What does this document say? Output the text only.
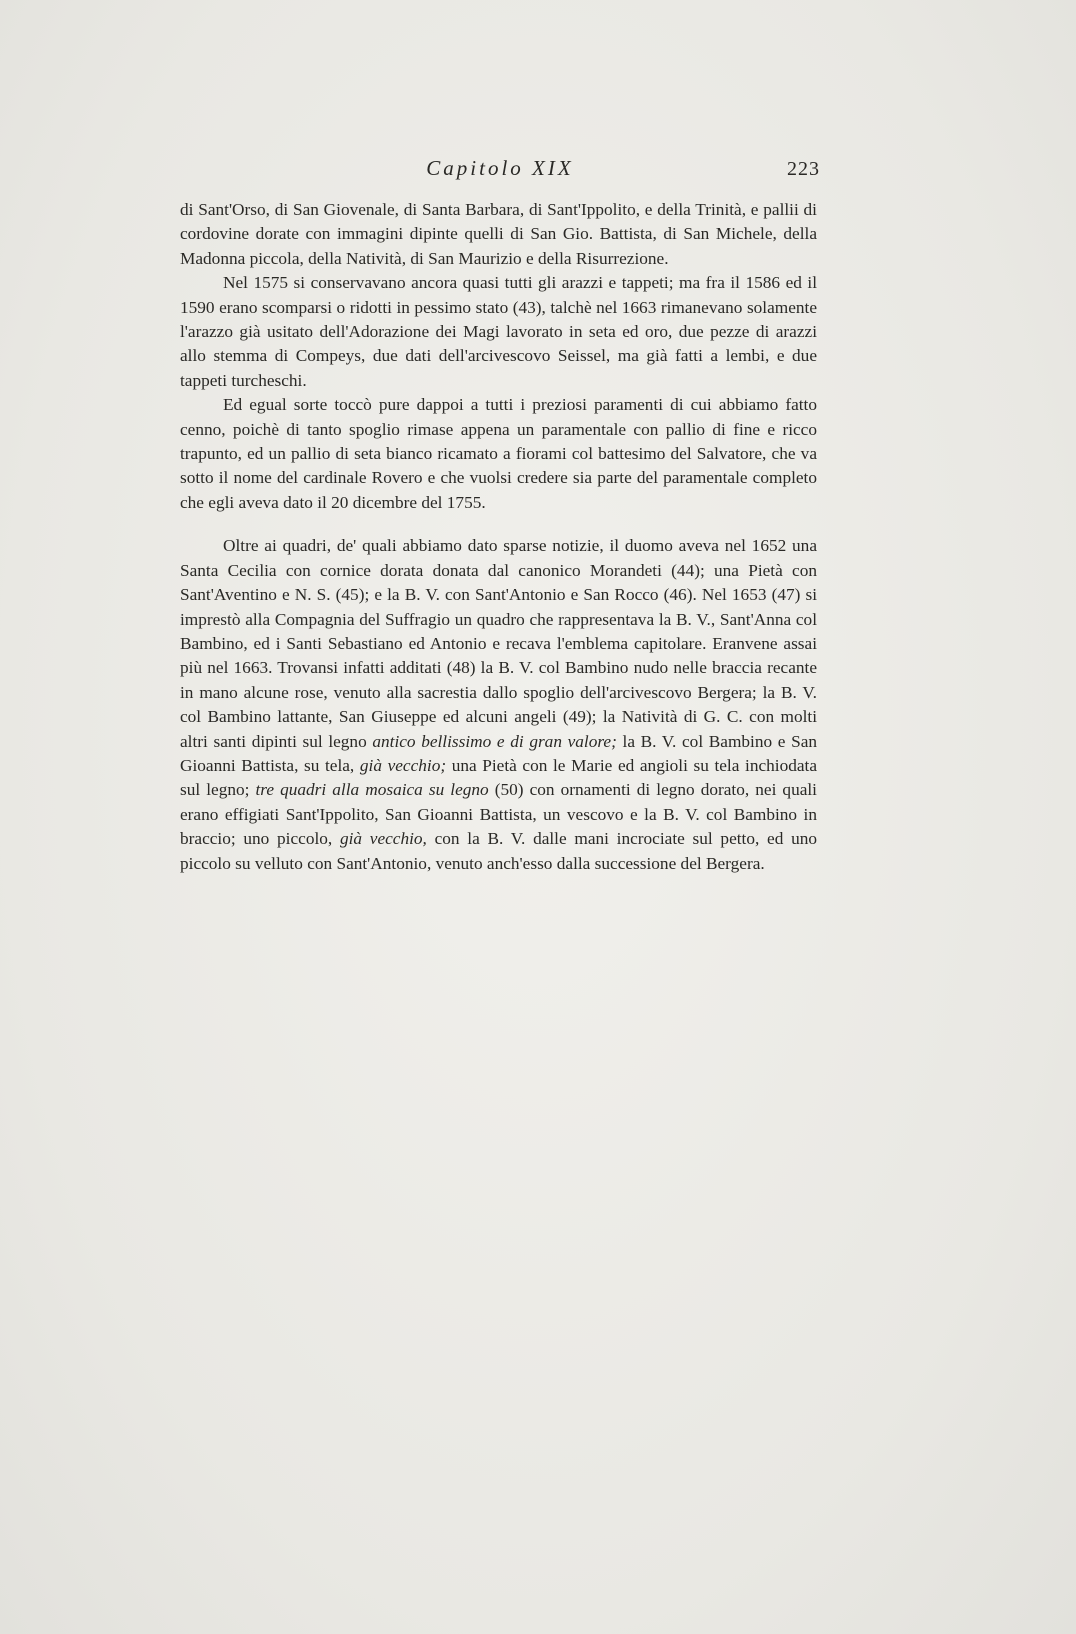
Capitolo XIX	223

di Sant'Orso, di San Giovenale, di Santa Barbara, di Sant'Ippolito, e della Trinità, e pallii di cordovine dorate con immagini dipinte quelli di San Gio. Battista, di San Michele, della Madonna piccola, della Natività, di San Maurizio e della Risurrezione.

Nel 1575 si conservavano ancora quasi tutti gli arazzi e tappeti; ma fra il 1586 ed il 1590 erano scomparsi o ridotti in pessimo stato (43), talchè nel 1663 rimanevano solamente l'arazzo già usitato dell'Adorazione dei Magi lavorato in seta ed oro, due pezze di arazzi allo stemma di Compeys, due dati dell'arcivescovo Seissel, ma già fatti a lembi, e due tappeti turcheschi.

Ed egual sorte toccò pure dappoi a tutti i preziosi paramenti di cui abbiamo fatto cenno, poichè di tanto spoglio rimase appena un paramentale con pallio di fine e ricco trapunto, ed un pallio di seta bianco ricamato a fiorami col battesimo del Salvatore, che va sotto il nome del cardinale Rovero e che vuolsi credere sia parte del paramentale completo che egli aveva dato il 20 dicembre del 1755.

Oltre ai quadri, de' quali abbiamo dato sparse notizie, il duomo aveva nel 1652 una Santa Cecilia con cornice dorata donata dal canonico Morandeti (44); una Pietà con Sant'Aventino e N. S. (45); e la B. V. con Sant'Antonio e San Rocco (46). Nel 1653 (47) si imprestò alla Compagnia del Suffragio un quadro che rappresentava la B. V., Sant'Anna col Bambino, ed i Santi Sebastiano ed Antonio e recava l'emblema capitolare. Eranvene assai più nel 1663. Trovansi infatti additati (48) la B. V. col Bambino nudo nelle braccia recante in mano alcune rose, venuto alla sacrestia dallo spoglio dell'arcivescovo Bergera; la B. V. col Bambino lattante, San Giuseppe ed alcuni angeli (49); la Natività di G. C. con molti altri santi dipinti sul legno antico bellissimo e di gran valore; la B. V. col Bambino e San Gioanni Battista, su tela, già vecchio; una Pietà con le Marie ed angioli su tela inchiodata sul legno; tre quadri alla mosaica su legno (50) con ornamenti di legno dorato, nei quali erano effigiati Sant'Ippolito, San Gioanni Battista, un vescovo e la B. V. col Bambino in braccio; uno piccolo, già vecchio, con la B. V. dalle mani incrociate sul petto, ed uno piccolo su velluto con Sant'Antonio, venuto anch'esso dalla successione del Bergera.
